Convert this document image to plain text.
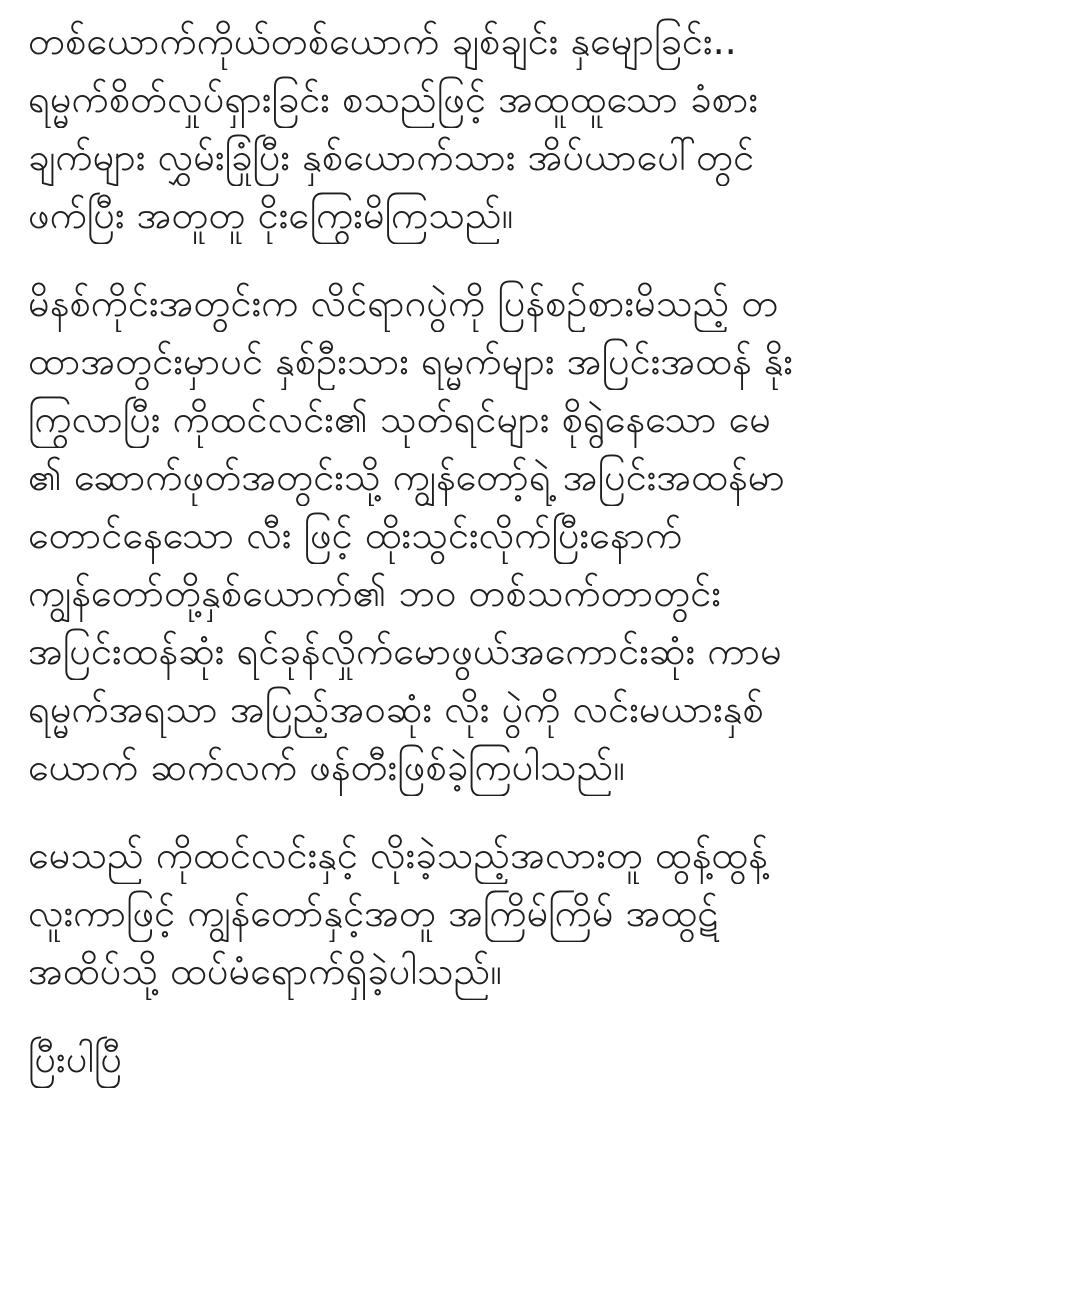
တစ်ယောက်ကိုယ်တစ်ယောက် ချစ်ချင်း နှမျောခြင်း..
ရမ္မက်စိတ်လှုပ်ရှားခြင်း စသည်ဖြင့် အထူထူသော ခံစား
ချက်များ လွှမ်းခြုံပြီး နှစ်ယောက်သား အိပ်ယာပေါ်တွင်
ဖက်ပြီး အတူတူ ငိုးကြွေးမိကြသည်။
မိနစ်ကိုင်းအတွင်းက လိင်ရာဂပွဲကို ပြန်စဉ်စားမိသည့် တ
ထာအတွင်းမှာပင် နှစ်ဦးသား ရမ္မက်များ အပြင်းအထန် နိုး
ကြွလာပြီး ကိုထင်လင်း၏ သုတ်ရင်များ စိုရွဲနေသော မေ
၏ ဆောက်ဖုတ်အတွင်းသို့ ကျွန်တော့်ရဲ့ အပြင်းအထန်မာ
တောင်နေသော လီး ဖြင့် ထိုးသွင်းလိုက်ပြီးနောက်
ကျွန်တော်တို့နှစ်ယောက်၏ ဘဝ တစ်သက်တာတွင်း
အပြင်းထန်ဆုံး ရင်ခုန်လှိုက်မောဖွယ်အကောင်းဆုံး ကာမ
ရမ္မက်အရသာ အပြည့်အဝဆုံး လိုး ပွဲကို လင်းမယားနှစ်
ယောက် ဆက်လက် ဖန်တီးဖြစ်ခဲ့ကြပါသည်။
မေသည် ကိုထင်လင်းနှင့် လိုးခဲ့သည့်အလားတူ ထွန့်ထွန့်
လူးကာဖြင့် ကျွန်တော်နှင့်အတူ အကြိမ်ကြိမ် အထွဋ်
အထိပ်သို့ ထပ်မံရောက်ရှိခဲ့ပါသည်။
ပြီးပါပြီ
